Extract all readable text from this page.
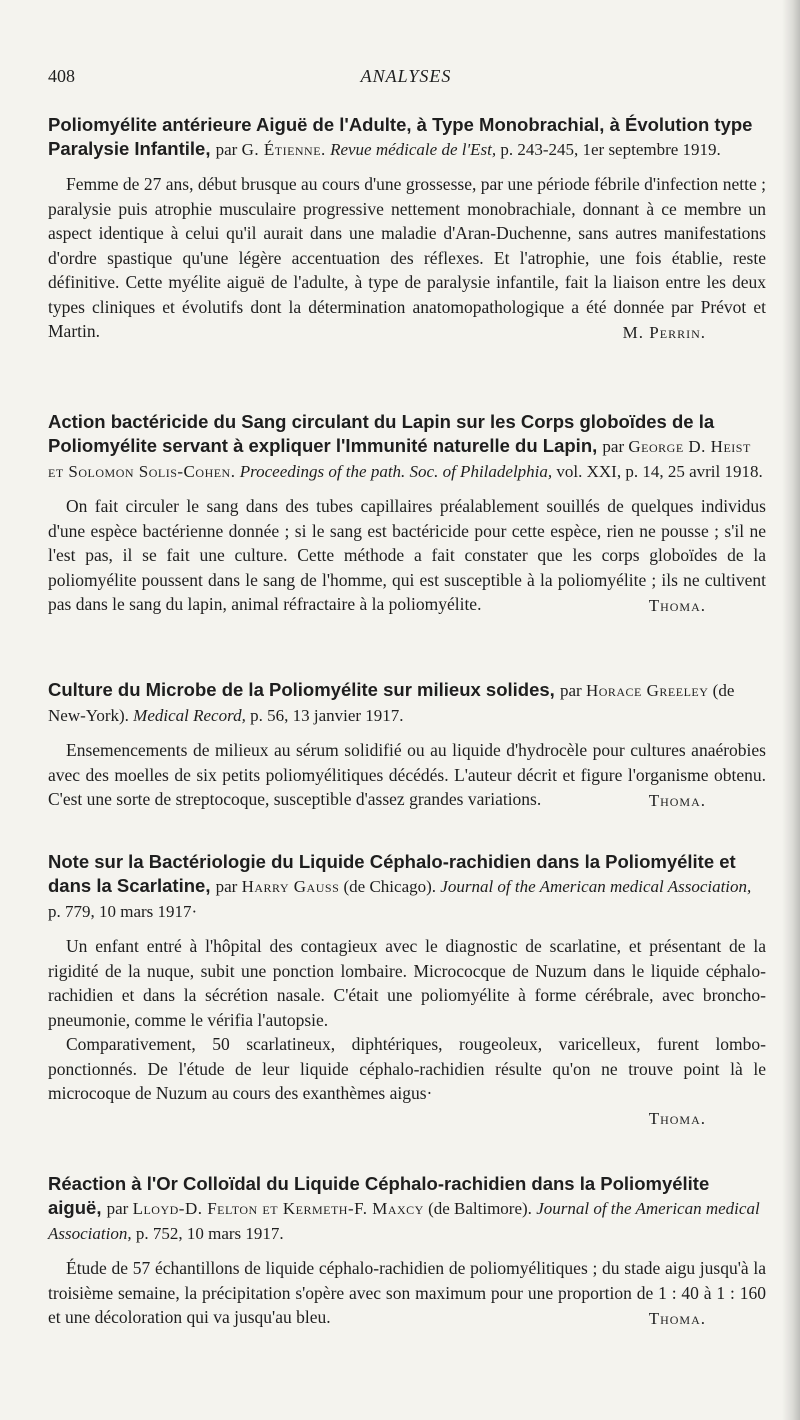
408	ANALYSES
Poliomyélite antérieure Aiguë de l'Adulte, à Type Monobrachial, à Évolution type Paralysie Infantile, par G. Étienne. Revue médicale de l'Est, p. 243-245, 1er septembre 1919.

Femme de 27 ans, début brusque au cours d'une grossesse, par une période fébrile d'infection nette ; paralysie puis atrophie musculaire progressive nettement monobrachiale, donnant à ce membre un aspect identique à celui qu'il aurait dans une maladie d'Aran-Duchenne, sans autres manifestations d'ordre spastique qu'une légère accentuation des réflexes. Et l'atrophie, une fois établie, reste définitive. Cette myélite aiguë de l'adulte, à type de paralysie infantile, fait la liaison entre les deux types cliniques et évolutifs dont la détermination anatomopathologique a été donnée par Prévot et Martin.	M. Perrin.
Action bactéricide du Sang circulant du Lapin sur les Corps globoïdes de la Poliomyélite servant à expliquer l'Immunité naturelle du Lapin, par George D. Heist et Solomon Solis-Cohen. Proceedings of the path. Soc. of Philadelphia, vol. XXI, p. 14, 25 avril 1918.

On fait circuler le sang dans des tubes capillaires préalablement souillés de quelques individus d'une espèce bactérienne donnée ; si le sang est bactéricide pour cette espèce, rien ne pousse ; s'il ne l'est pas, il se fait une culture. Cette méthode a fait constater que les corps globoïdes de la poliomyélite poussent dans le sang de l'homme, qui est susceptible à la poliomyélite ; ils ne cultivent pas dans le sang du lapin, animal réfractaire à la poliomyélite.	Thoma.
Culture du Microbe de la Poliomyélite sur milieux solides, par Horace Greeley (de New-York). Medical Record, p. 56, 13 janvier 1917.

Ensemencements de milieux au sérum solidifié ou au liquide d'hydrocèle pour cultures anaérobies avec des moelles de six petits poliomyélitiques décédés. L'auteur décrit et figure l'organisme obtenu. C'est une sorte de streptocoque, susceptible d'assez grandes variations.	Thoma.
Note sur la Bactériologie du Liquide Céphalo-rachidien dans la Poliomyélite et dans la Scarlatine, par Harry Gauss (de Chicago). Journal of the American medical Association, p. 779, 10 mars 1917·

Un enfant entré à l'hôpital des contagieux avec le diagnostic de scarlatine, et présentant de la rigidité de la nuque, subit une ponction lombaire. Micrococque de Nuzum dans le liquide céphalo-rachidien et dans la sécrétion nasale. C'était une poliomyélite à forme cérébrale, avec broncho-pneumonie, comme le vérifia l'autopsie.

Comparativement, 50 scarlatineux, diphtériques, rougeoleux, varicelleux, furent lombo-ponctionnés. De l'étude de leur liquide céphalo-rachidien résulte qu'on ne trouve point là le microcoque de Nuzum au cours des exanthèmes aigus·

Thoma.
Réaction à l'Or Colloïdal du Liquide Céphalo-rachidien dans la Poliomyélite aiguë, par Lloyd-D. Felton et Kermeth-F. Maxcy (de Baltimore). Journal of the American medical Association, p. 752, 10 mars 1917.

Étude de 57 échantillons de liquide céphalo-rachidien de poliomyélitiques ; du stade aigu jusqu'à la troisième semaine, la précipitation s'opère avec son maximum pour une proportion de 1 : 40 à 1 : 160 et une décoloration qui va jusqu'au bleu.	Thoma.
